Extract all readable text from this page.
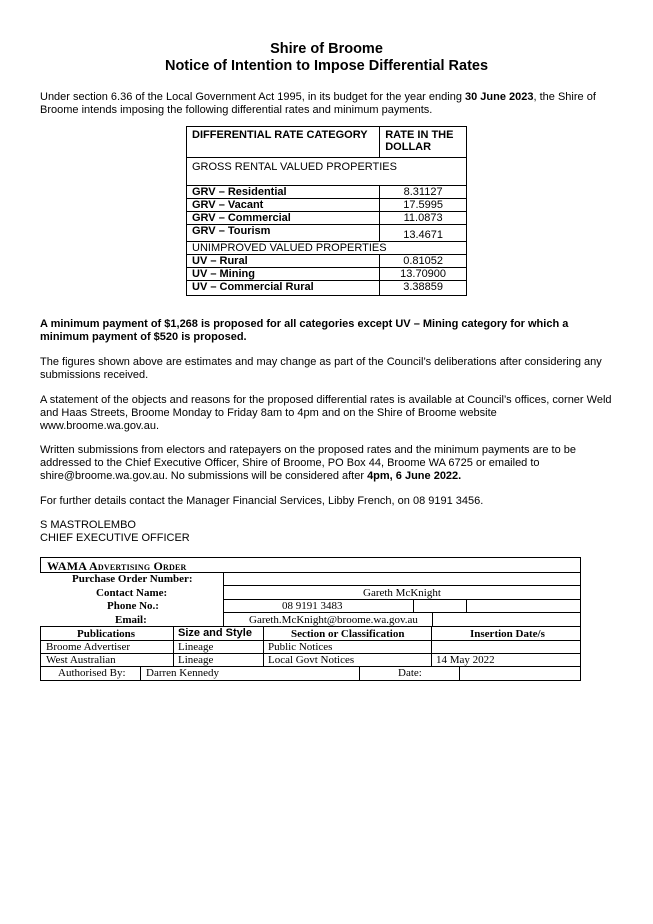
Shire of Broome
Notice of Intention to Impose Differential Rates
Under section 6.36 of the Local Government Act 1995, in its budget for the year ending 30 June 2023, the Shire of Broome intends imposing the following differential rates and minimum payments.
DIFFERENTIAL RATE CATEGORY	RATE IN THE DOLLAR
GROSS RENTAL VALUED PROPERTIES	
GRV – Residential	8.31127
GRV – Vacant	17.5995
GRV – Commercial	11.0873
GRV – Tourism	13.4671
UNIMPROVED VALUED PROPERTIES	
UV – Rural	0.81052
UV – Mining	13.70900
UV – Commercial Rural	3.38859
A minimum payment of $1,268 is proposed for all categories except UV – Mining category for which a minimum payment of $520 is proposed.
The figures shown above are estimates and may change as part of the Council’s deliberations after considering any submissions received.
A statement of the objects and reasons for the proposed differential rates is available at Council’s offices, corner Weld and Haas Streets, Broome Monday to Friday 8am to 4pm and on the Shire of Broome website www.broome.wa.gov.au.
Written submissions from electors and ratepayers on the proposed rates and the minimum payments are to be addressed to the Chief Executive Officer, Shire of Broome, PO Box 44, Broome WA 6725 or emailed to shire@broome.wa.gov.au. No submissions will be considered after 4pm, 6 June 2022.
For further details contact the Manager Financial Services, Libby French, on 08 9191 3456.
S MASTROLEMBO
CHIEF EXECUTIVE OFFICER
WAMA Advertising Order
Purchase Order Number:
Contact Name:	Gareth McKnight
Phone No.:	08 9191 3483
Email:	Gareth.McKnight@broome.wa.gov.au
Publications	Size and Style	Section or Classification	Insertion Date/s
Broome Advertiser	Lineage	Public Notices
West Australian	Lineage	Local Govt Notices	14 May 2022
Authorised By: Darren Kennedy	Date:
